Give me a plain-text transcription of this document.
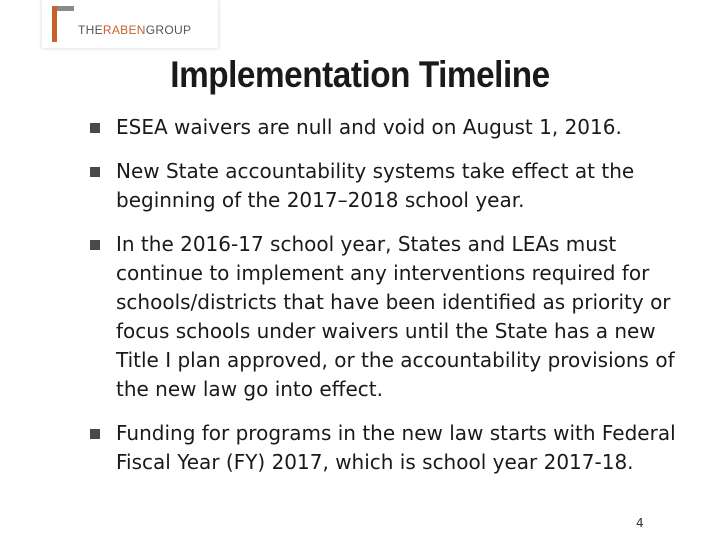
THERABENGROUP
Implementation Timeline
ESEA waivers are null and void on August 1, 2016.
New State accountability systems take effect at the beginning of the 2017–2018 school year.
In the 2016-17 school year, States and LEAs must continue to implement any interventions required for schools/districts that have been identified as priority or focus schools under waivers until the State has a new Title I plan approved, or the accountability provisions of the new law go into effect.
Funding for programs in the new law starts with Federal Fiscal Year (FY) 2017, which is school year 2017-18.
4
